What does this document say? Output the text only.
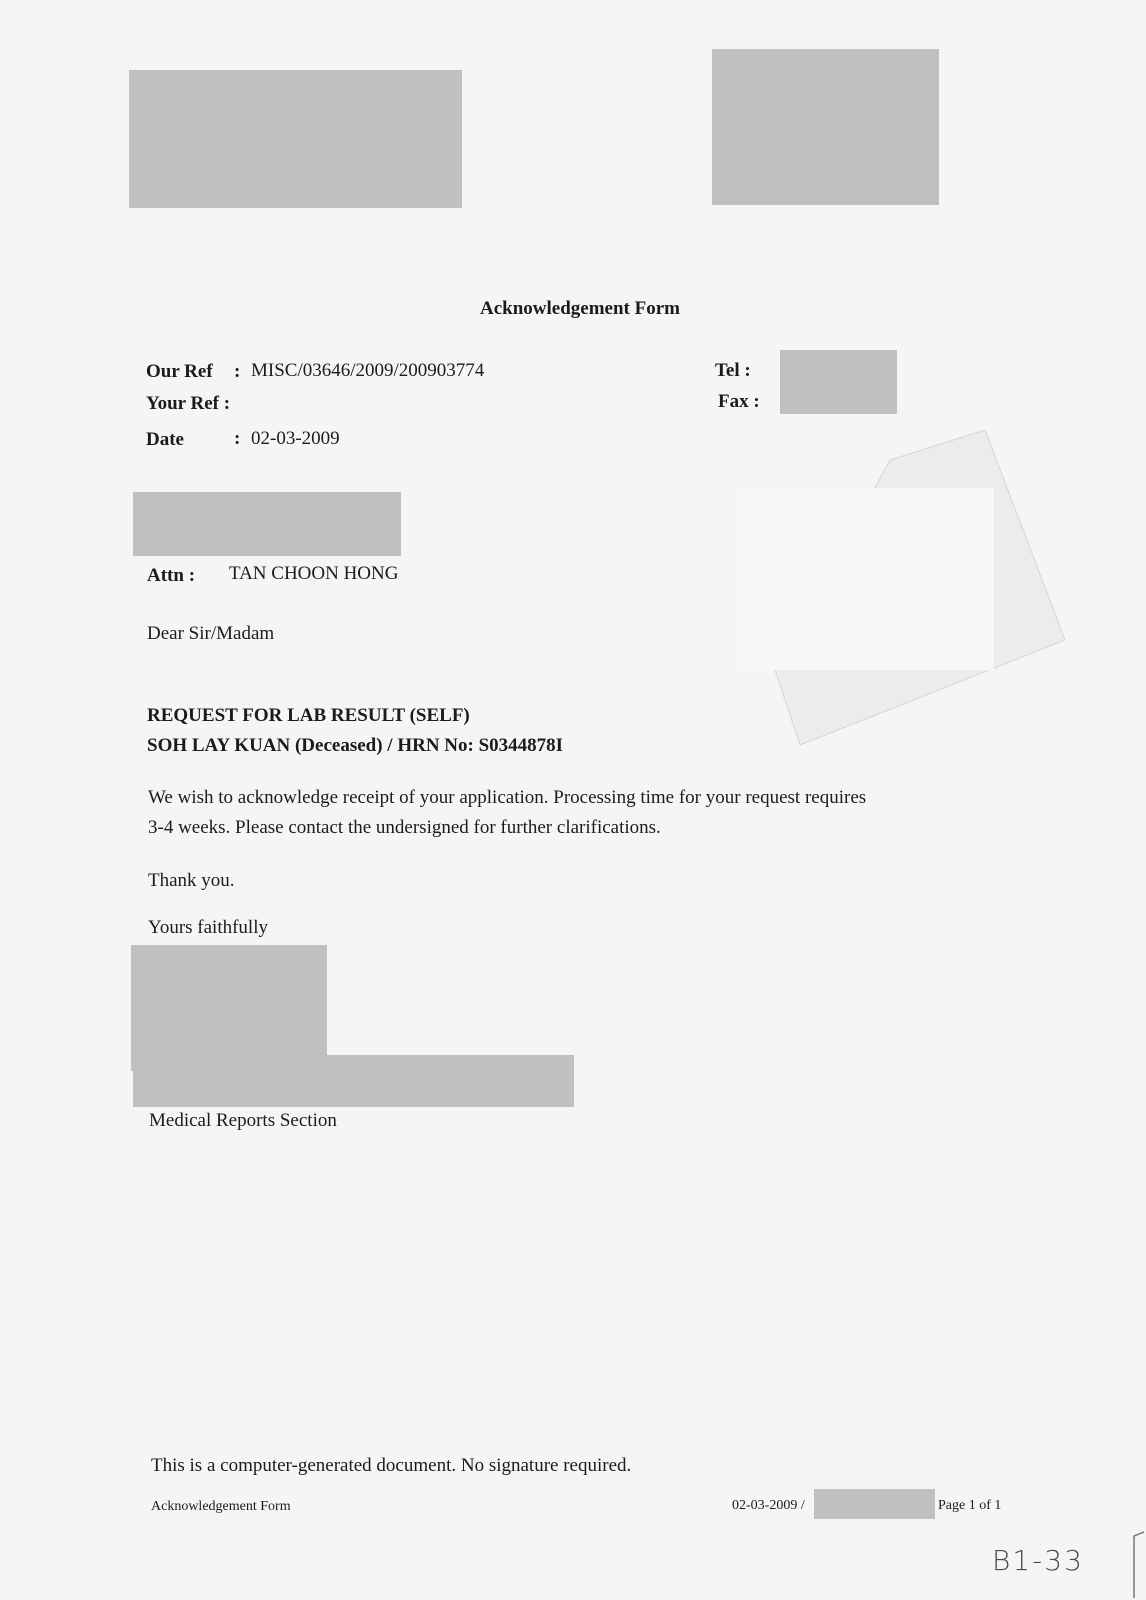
Acknowledgement Form
Our Ref : MISC/03646/2009/200903774
Your Ref :
Date	: 02-03-2009
Tel :
Fax :
Attn : TAN CHOON HONG
Dear Sir/Madam
REQUEST FOR LAB RESULT (SELF)
SOH LAY KUAN (Deceased) / HRN No: S0344878I
We wish to acknowledge receipt of your application. Processing time for your request requires
3-4 weeks. Please contact the undersigned for further clarifications.
Thank you.
Yours faithfully
Medical Reports Section
This is a computer-generated document. No signature required.
Acknowledgement Form	02-03-2009 /	Page 1 of 1
B1-33
